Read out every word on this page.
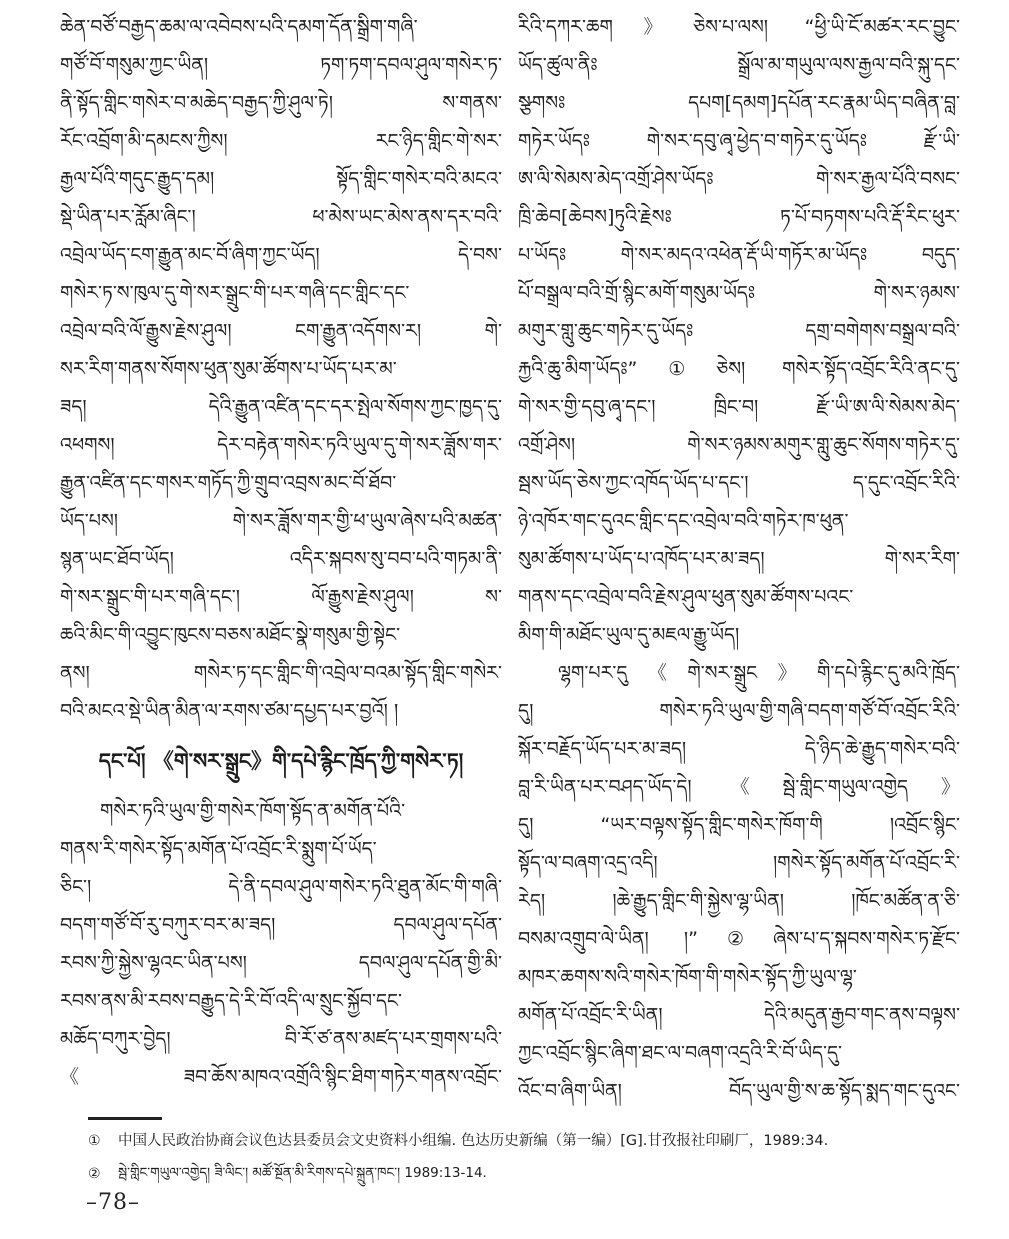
ཆེན་བཙོ་བརྒྱད་ཆམ་ལ་འབེབས་པའི་དམག་དོན་སྒྲིག་གཞི་
གཙོ་བོ་གསུམ་ཀྱང་ཡིན། ཏག་ཏག་དབལ་ཤུལ་གསེར་ཏ་
ནི་སྟོད་གླིང་གསེར་བ་མཆེད་བརྒྱད་ཀྱི་ཤུལ་ཏེ། ས་གནས་
རོང་འབྲོག་མི་དམངས་ཀྱིས། རང་ཉིད་གླིང་གེ་སར་
རྒྱལ་པོའི་གདུང་རྒྱུད་དམ། སྟོད་གླིང་གསེར་བའི་མངའ་
སྡེ་ཡིན་པར་རློམ་ཞིང་། ཕ་མེས་ཡང་མེས་ནས་དར་བའི་
འབྲེལ་ཡོད་ངག་རྒྱུན་མང་བོ་ཞིག་ཀྱང་ཡོད། དེ་བས་
གསེར་ཏ་ས་ཁུལ་དུ་གེ་སར་སྒྲུང་གི་པར་གཞི་དང་གླིང་དང་
འབྲེལ་བའི་ལོ་རྒྱུས་རྗེས་ཤུལ། ངག་རྒྱུན་འདོགས་ར། གེ་
སར་རིག་གནས་སོགས་ཕུན་སུམ་ཚོགས་པ་ཡོད་པར་མ་
ཟད། དེའི་རྒྱུན་འཛིན་དང་དར་སྤེལ་སོགས་ཀྱང་ཁྱད་དུ་
འཕགས། དེར་བརྟེན་གསེར་ཏའི་ཡུལ་དུ་གེ་སར་ཟློས་གར་
རྒྱུན་འཛིན་དང་གསར་གཏོད་ཀྱི་གྲུབ་འབྲས་མང་བོ་ཐོབ་
ཡོད་པས། གེ་སར་ཟློས་གར་གྱི་ཕ་ཡུལ་ཞེས་པའི་མཚན་
སྙན་ཡང་ཐོབ་ཡོད། འདིར་སྐབས་སུ་བབ་པའི་གཏམ་ནི་
གེ་སར་སྒྲུང་གི་པར་གཞི་དང་། ལོ་རྒྱུས་རྗེས་ཤུལ། ས་
ཆའི་མིང་གི་འབྱུང་ཁུངས་བཅས་མཐོང་སྣེ་གསུམ་གྱི་སྟེང་
ནས། གསེར་ཏ་དང་གླིང་གི་འབྲེལ་བའམ་སྟོད་གླིང་གསེར་
བའི་མངའ་སྡེ་ཡིན་མིན་ལ་རགས་ཙམ་དཔྱད་པར་བྱའོ། །
དང་པོ། 《གེ་སར་སྒྲུང》གི་དཔེ་རྙིང་ཁྲོད་ཀྱི་གསེར་ཏ།
གསེར་ཏའི་ཡུལ་གྱི་གསེར་ཁོག་སྟོད་ན་མགོན་པོའི་
གནས་རི་གསེར་སྟོད་མགོན་པོ་འབྲོང་རི་སྨུག་པོ་ཡོད་
ཅིང་། དེ་ནི་དབལ་ཤུལ་གསེར་ཏའི་ཐུན་མོང་གི་གཞི་
བདག་གཙོ་བོ་རུ་བཀུར་བར་མ་ཟད། དབལ་ཤུལ་དཔོན་
རབས་ཀྱི་སྐྱེས་ལྷའང་ཡིན་པས། དབལ་ཤུལ་དཔོན་གྱི་མི་
རབས་ནས་མི་རབས་བརྒྱུད་དེ་རི་བོ་འདི་ལ་སྲུང་སྐྱོབ་དང་
མཆོད་བཀུར་བྱེད། བི་རོ་ཙ་ནས་མཛད་པར་གྲགས་པའི་
《ཟབ་ཆོས་མཁའ་འགྲོའི་སྙིང་ཐིག་གཏེར་གནས་འབྲོང་
རིའི་དཀར་ཆག》ཅེས་པ་ལས། “ཕྱི་ཡི་ངོ་མཚར་རང་བྱུང་
ཡོད་ཚུལ་ནིཿ སྒྲོལ་མ་གཡུལ་ལས་རྒྱལ་བའི་སྐུ་དང་
སྩགསཿ དཔག[དམག]དཔོན་རང་རྣམ་ཡིད་བཞིན་བླ་
གཏེར་ཡོདཿ གེ་སར་དབུ་ཞྭ་ཕྱེད་བ་གཏེར་དུ་ཡོདཿ རྫོ་ཡི་
ཨ་ལི་སེམས་མེད་འགྲོ་ཤེས་ཡོདཿ གེ་སར་རྒྱལ་པོའི་བསང་
ཁྲི་ཆེབ[ཆེབས]ཏུའི་རྗེསཿ ཏ་པོ་བཏགས་པའི་རྡོ་རིང་ཕུར་
པ་ཡོདཿ གེ་སར་མདའ་འཕེན་རྡོ་ཡི་གཏོར་མ་ཡོདཿ བདུད་
པོ་བསྒྲལ་བའི་གྲོ་སྙིང་མགོ་གསུམ་ཡོདཿ གེ་སར་ཉམས་
མགུར་གླུ་ཆུང་གཏེར་དུ་ཡོདཿ དགྲ་བགེགས་བསྒྲལ་བའི་
རྐྱའི་ཆུ་མིག་ཡོདཿ”①ཅེས། གསེར་སྟོད་འབྲོང་རིའི་ནང་དུ་
གེ་སར་གྱི་དབུ་ཞྭ་དང་། ཁྲིང་བ། རྫོ་ཡི་ཨ་ལི་སེམས་མེད་
འགྲོ་ཤེས། གེ་སར་ཉམས་མགུར་གླུ་ཆུང་སོགས་གཏེར་དུ་
སྦས་ཡོད་ཅེས་ཀྱང་འཁོད་ཡོད་པ་དང་། ད་དུང་འབྲོང་རིའི་
ཉེ་འཁོར་གང་དུའང་གླིང་དང་འབྲེལ་བའི་གཏེར་ཁ་ཕུན་
སུམ་ཚོགས་པ་ཡོད་པ་འཁོད་པར་མ་ཟད། གེ་སར་རིག་
གནས་དང་འབྲེལ་བའི་རྗེས་ཤུལ་ཕུན་སུམ་ཚོགས་པའང་
མིག་གི་མཐོང་ཡུལ་དུ་མཇལ་རྒྱུ་ཡོད།
ལྷག་པར་དུ《གེ་སར་སྒྲུང》གི་དཔེ་རྙིང་དུ་མའི་ཁྲོད་
དུ། གསེར་ཏའི་ཡུལ་གྱི་གཞི་བདག་གཙོ་བོ་འབྲོང་རིའི་
སྐོར་བརྗོད་ཡོད་པར་མ་ཟད། དེ་ཉིད་ཆེ་རྒྱུད་གསེར་བའི་
བླ་རི་ཡིན་པར་བཤད་ཡོད་དེ། 《སྦེ་གླིང་གཡུལ་འགྱེད》
དུ། “ཡར་བལྟས་སྟོད་གླིང་གསེར་ཁོག་གི །འབྲོང་སྙིང་
སྟོད་ལ་བཞག་འདྲ་འདི། །གསེར་སྟོད་མགོན་པོ་འབྲོང་རི་
རེད། །ཆེ་རྒྱུད་གླིང་གི་སྐྱེས་ལྷ་ཡིན། །ཁོང་མཚོན་ན་ཅི་
བསམ་འགྲུབ་ལེ་ཡིན། །”②ཞེས་པ་ད་སྐབས་གསེར་ཏ་རྫོང་
མཁར་ཆགས་སའི་གསེར་ཁོག་གི་གསེར་སྟོད་ཀྱི་ཡུལ་ལྷ་
མགོན་པོ་འབྲོང་རི་ཡིན། དེའི་མདུན་རྒྱབ་གང་ནས་བལྟས་
ཀྱང་འབྲོང་སྙིང་ཞིག་ཐང་ལ་བཞག་འདྲའི་རི་བོ་ཡིད་དུ་
འོང་བ་ཞིག་ཡིན། བོད་ཡུལ་གྱི་ས་ཆ་སྟོད་སྨད་གང་དུའང་
①	中国人民政治协商会议色达县委员会文史资料小组编. 色达历史新编（第一编）[G].甘孜报社印刷厂，1989:34.
②	སྦེ་གླིང་གཡུལ་འགྱེད། ཟི་ལིང་། མཚོ་སྔོན་མི་རིགས་དཔེ་སྐྲུན་ཁང་། 1989:13-14.
–78–
